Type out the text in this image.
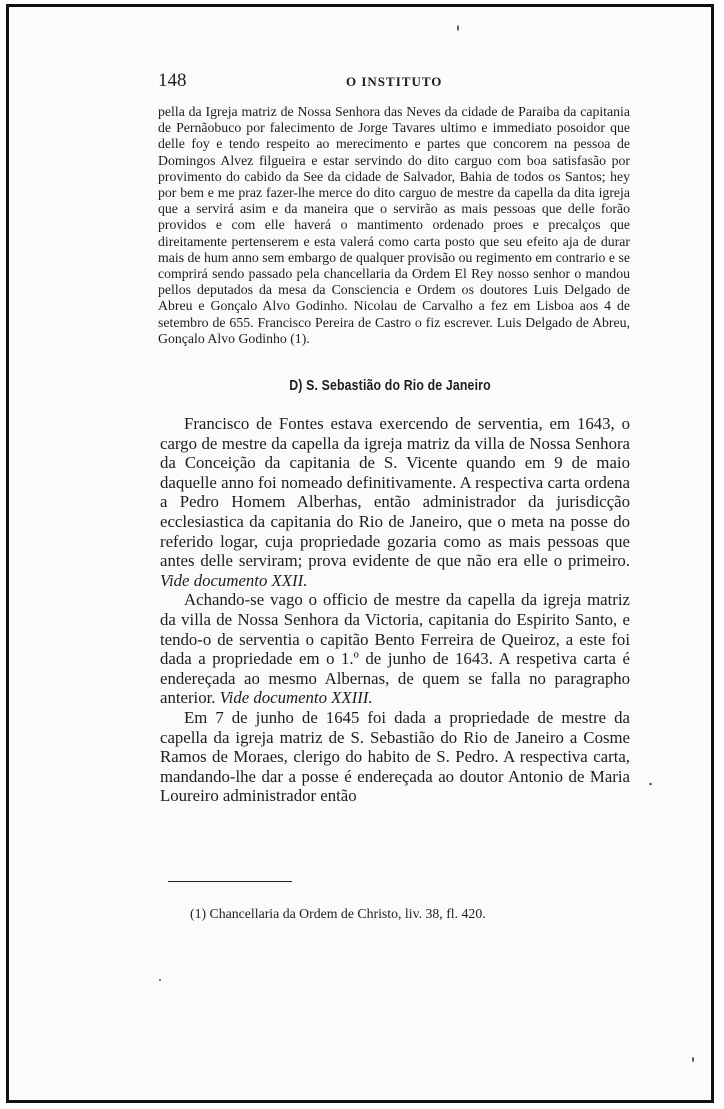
148	O INSTITUTO
pella da Igreja matriz de Nossa Senhora das Neves da cidade de Paraiba da capitania de Pernãobuco por falecimento de Jorge Tavares ultimo e immediato posoidor que delle foy e tendo respeito ao merecimento e partes que concorem na pessoa de Domingos Alvez filgueira e estar servindo do dito carguo com boa satisfasão por provimento do cabido da See da cidade de Salvador, Bahia de todos os Santos; hey por bem e me praz fazer-lhe merce do dito carguo de mestre da capella da dita igreja que a servirá asim e da maneira que o servirão as mais pessoas que delle forão providos e com elle haverá o mantimento ordenado proes e precalços que direitamente pertenserem e esta valerá como carta posto que seu efeito aja de durar mais de hum anno sem embargo de qualquer provisão ou regimento em contrario e se comprirá sendo passado pela chancellaria da Ordem El Rey nosso senhor o mandou pellos deputados da mesa da Consciencia e Ordem os doutores Luis Delgado de Abreu e Gonçalo Alvo Godinho. Nicolau de Carvalho a fez em Lisboa aos 4 de setembro de 655. Francisco Pereira de Castro o fiz escrever. Luis Delgado de Abreu, Gonçalo Alvo Godinho (1).
D) S. Sebastião do Rio de Janeiro

Francisco de Fontes estava exercendo de serventia, em 1643, o cargo de mestre da capella da igreja matriz da villa de Nossa Senhora da Conceição da capitania de S. Vicente quando em 9 de maio daquelle anno foi nomeado definitivamente. A respectiva carta ordena a Pedro Homem Alberhas, então administrador da jurisdicção ecclesiastica da capitania do Rio de Janeiro, que o meta na posse do referido logar, cuja propriedade gozaria como as mais pessoas que antes delle serviram; prova evidente de que não era elle o primeiro. Vide documento XXII.

Achando-se vago o officio de mestre da capella da igreja matriz da villa de Nossa Senhora da Victoria, capitania do Espirito Santo, e tendo-o de serventia o capitão Bento Ferreira de Queiroz, a este foi dada a propriedade em o 1.º de junho de 1643. A respetiva carta é endereçada ao mesmo Albernas, de quem se falla no paragrapho anterior. Vide documento XXIII.

Em 7 de junho de 1645 foi dada a propriedade de mestre da capella da igreja matriz de S. Sebastião do Rio de Janeiro a Cosme Ramos de Moraes, clerigo do habito de S. Pedro. A respectiva carta, mandando-lhe dar a posse é endereçada ao doutor Antonio de Maria Loureiro administrador então

(1) Chancellaria da Ordem de Christo, liv. 38, fl. 420.
